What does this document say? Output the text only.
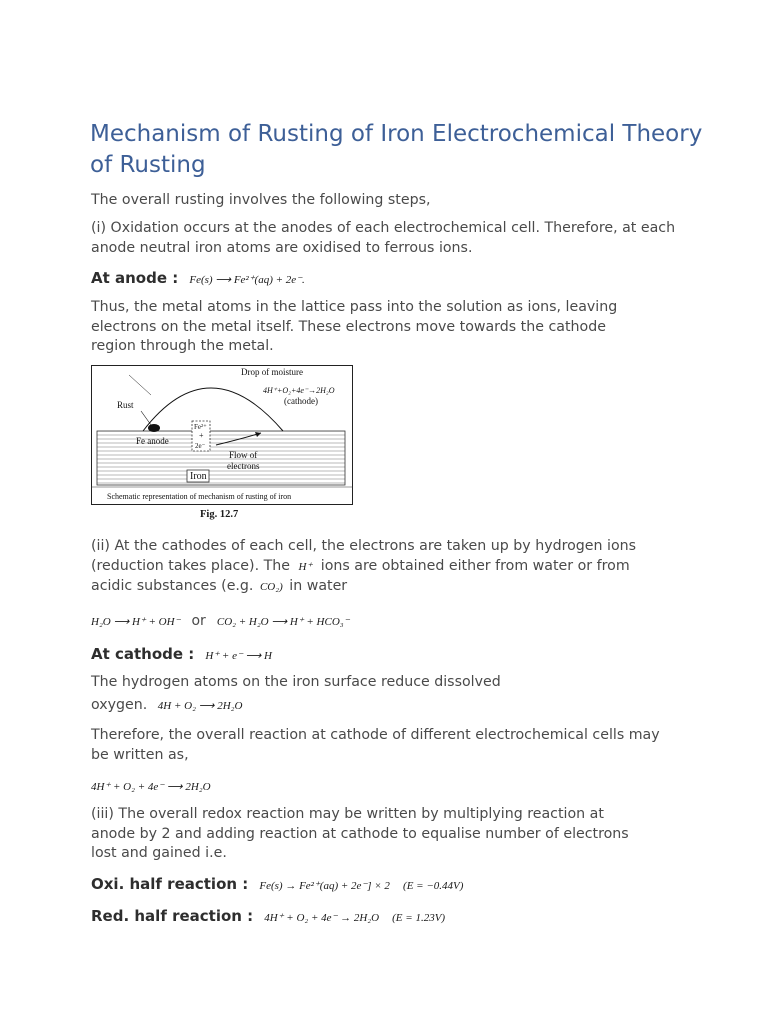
Mechanism of Rusting of Iron Electrochemical Theory of Rusting

The overall rusting involves the following steps,

(i) Oxidation occurs at the anodes of each electrochemical cell. Therefore, at each anode neutral iron atoms are oxidised to ferrous ions.

At anode : Fe(s) ⟶ Fe²⁺(aq) + 2e⁻.

Thus, the metal atoms in the lattice pass into the solution as ions, leaving electrons on the metal itself. These electrons move towards the cathode region through the metal.

Drop of moisture
4H⁺+O₂+4e⁻→2H₂O
(cathode)
Rust
Fe²⁺
+
2e⁻
Fe anode
Flow of
electrons
Iron
Schematic representation of mechanism of rusting of iron
Fig. 12.7

(ii) At the cathodes of each cell, the electrons are taken up by hydrogen ions

(reduction takes place). The H⁺ ions are obtained either from water or from
acidic substances (e.g. CO₂) in water
H₂O ⟶ H⁺ + OH⁻ or CO₂ + H₂O ⟶ H⁺ + HCO₃⁻
At cathode : H⁺ + e⁻ ⟶ H

The hydrogen atoms on the iron surface reduce dissolved

oxygen. 4H + O₂ ⟶ 2H₂O

Therefore, the overall reaction at cathode of different electrochemical cells may be written as,

4H⁺ + O₂ + 4e⁻ ⟶ 2H₂O

(iii) The overall redox reaction may be written by multiplying reaction at anode by 2 and adding reaction at cathode to equalise number of electrons lost and gained i.e.

Oxi. half reaction : Fe(s) → Fe²⁺(aq) + 2e⁻] × 2 (E = −0.44V)
Red. half reaction : 4H⁺ + O₂ + 4e⁻ → 2H₂O (E = 1.23V)
